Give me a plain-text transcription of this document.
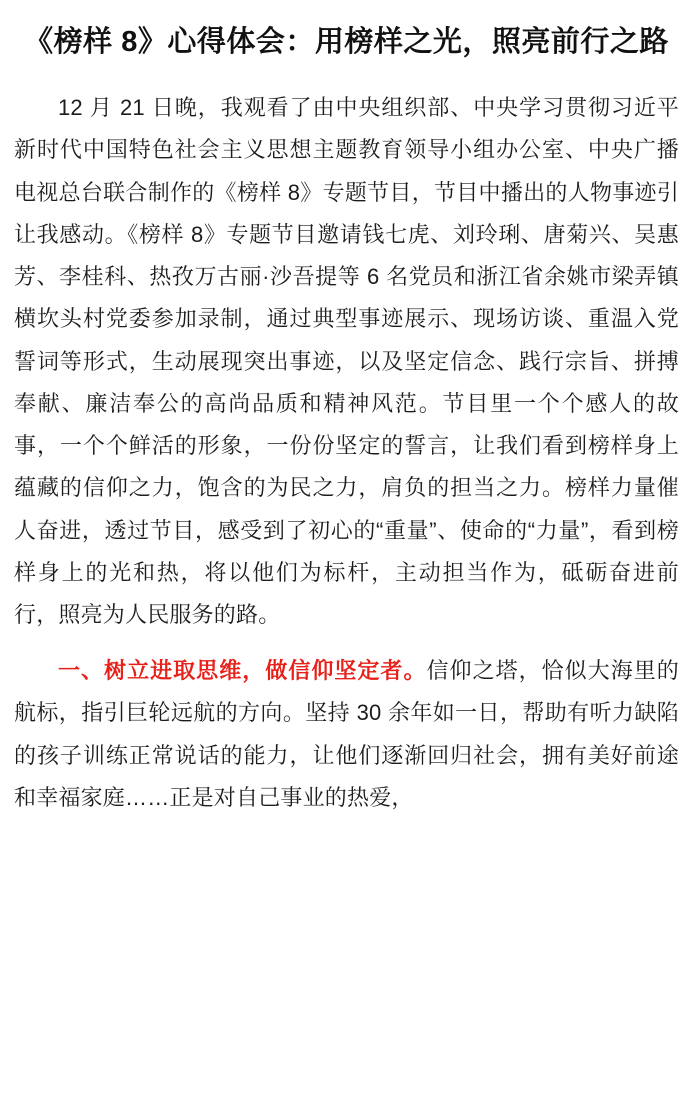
《榜样 8》心得体会：用榜样之光，照亮前行之路

12 月 21 日晚，我观看了由中央组织部、中央学习贯彻习近平新时代中国特色社会主义思想主题教育领导小组办公室、中央广播电视总台联合制作的《榜样 8》专题节目，节目中播出的人物事迹引让我感动。《榜样 8》专题节目邀请钱七虎、刘玲琍、唐菊兴、吴惠芳、李桂科、热孜万古丽·沙吾提等 6 名党员和浙江省余姚市梁弄镇横坎头村党委参加录制，通过典型事迹展示、现场访谈、重温入党誓词等形式，生动展现突出事迹，以及坚定信念、践行宗旨、拼搏奉献、廉洁奉公的高尚品质和精神风范。节目里一个个感人的故事，一个个鲜活的形象，一份份坚定的誓言，让我们看到榜样身上蕴藏的信仰之力，饱含的为民之力，肩负的担当之力。榜样力量催人奋进，透过节目，感受到了初心的“重量”、使命的“力量”，看到榜样身上的光和热，将以他们为标杆，主动担当作为，砥砺奋进前行，照亮为人民服务的路。

一、树立进取思维，做信仰坚定者。信仰之塔，恰似大海里的航标，指引巨轮远航的方向。坚持 30 余年如一日，帮助有听力缺陷的孩子训练正常说话的能力，让他们逐渐回归社会，拥有美好前途和幸福家庭……正是对自己事业的热爱，
